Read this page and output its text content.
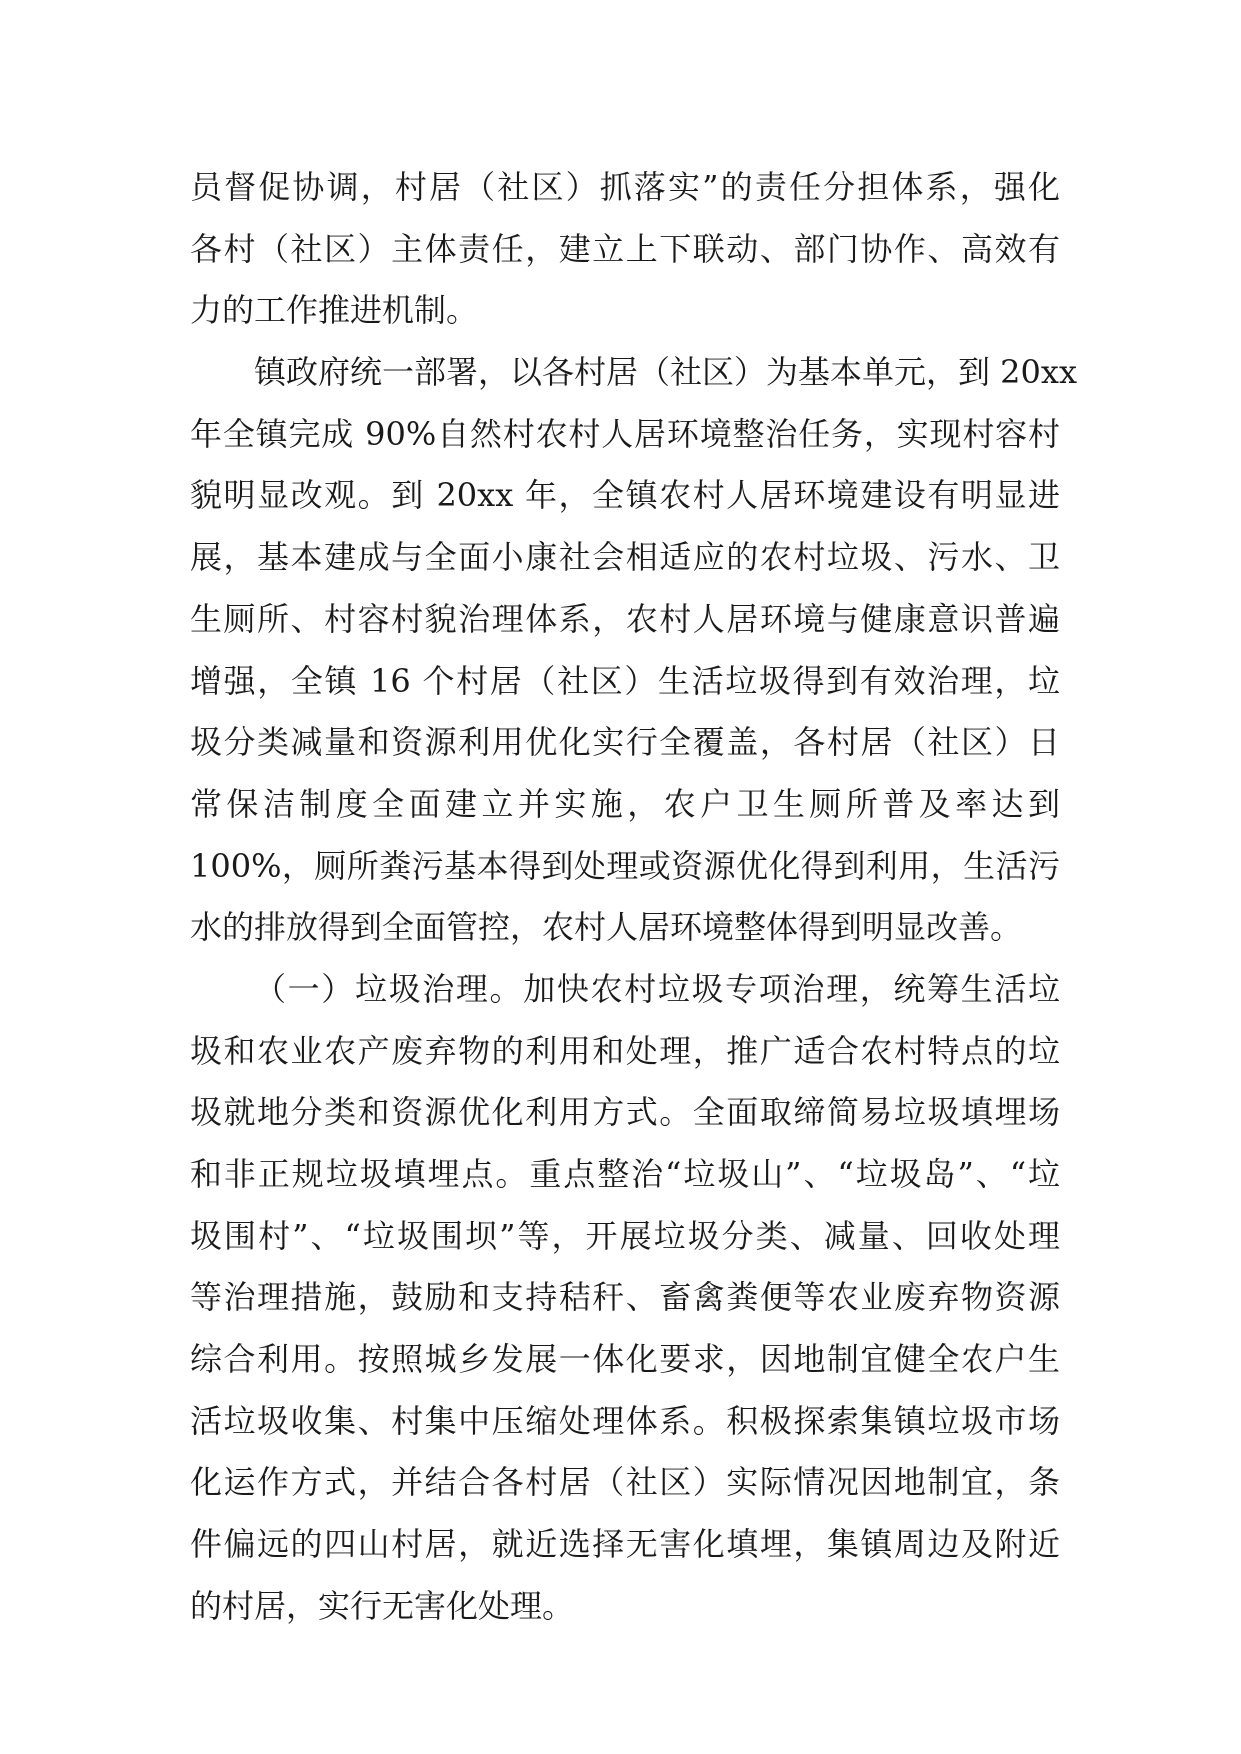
员督促协调，村居（社区）抓落实”的责任分担体系，强化
各村（社区）主体责任，建立上下联动、部门协作、高效有
力的工作推进机制。
镇政府统一部署，以各村居（社区）为基本单元，到 20xx
年全镇完成 90%自然村农村人居环境整治任务，实现村容村
貌明显改观。到 20xx 年，全镇农村人居环境建设有明显进
展，基本建成与全面小康社会相适应的农村垃圾、污水、卫
生厕所、村容村貌治理体系，农村人居环境与健康意识普遍
增强，全镇 16 个村居（社区）生活垃圾得到有效治理，垃
圾分类减量和资源利用优化实行全覆盖，各村居（社区）日
常保洁制度全面建立并实施，农户卫生厕所普及率达到
100%，厕所粪污基本得到处理或资源优化得到利用，生活污
水的排放得到全面管控，农村人居环境整体得到明显改善。
（一）垃圾治理。加快农村垃圾专项治理，统筹生活垃
圾和农业农产废弃物的利用和处理，推广适合农村特点的垃
圾就地分类和资源优化利用方式。全面取缔简易垃圾填埋场
和非正规垃圾填埋点。重点整治“垃圾山”、“垃圾岛”、“垃
圾围村”、“垃圾围坝”等，开展垃圾分类、减量、回收处理
等治理措施，鼓励和支持秸秆、畜禽粪便等农业废弃物资源
综合利用。按照城乡发展一体化要求，因地制宜健全农户生
活垃圾收集、村集中压缩处理体系。积极探索集镇垃圾市场
化运作方式，并结合各村居（社区）实际情况因地制宜，条
件偏远的四山村居，就近选择无害化填埋，集镇周边及附近
的村居，实行无害化处理。
